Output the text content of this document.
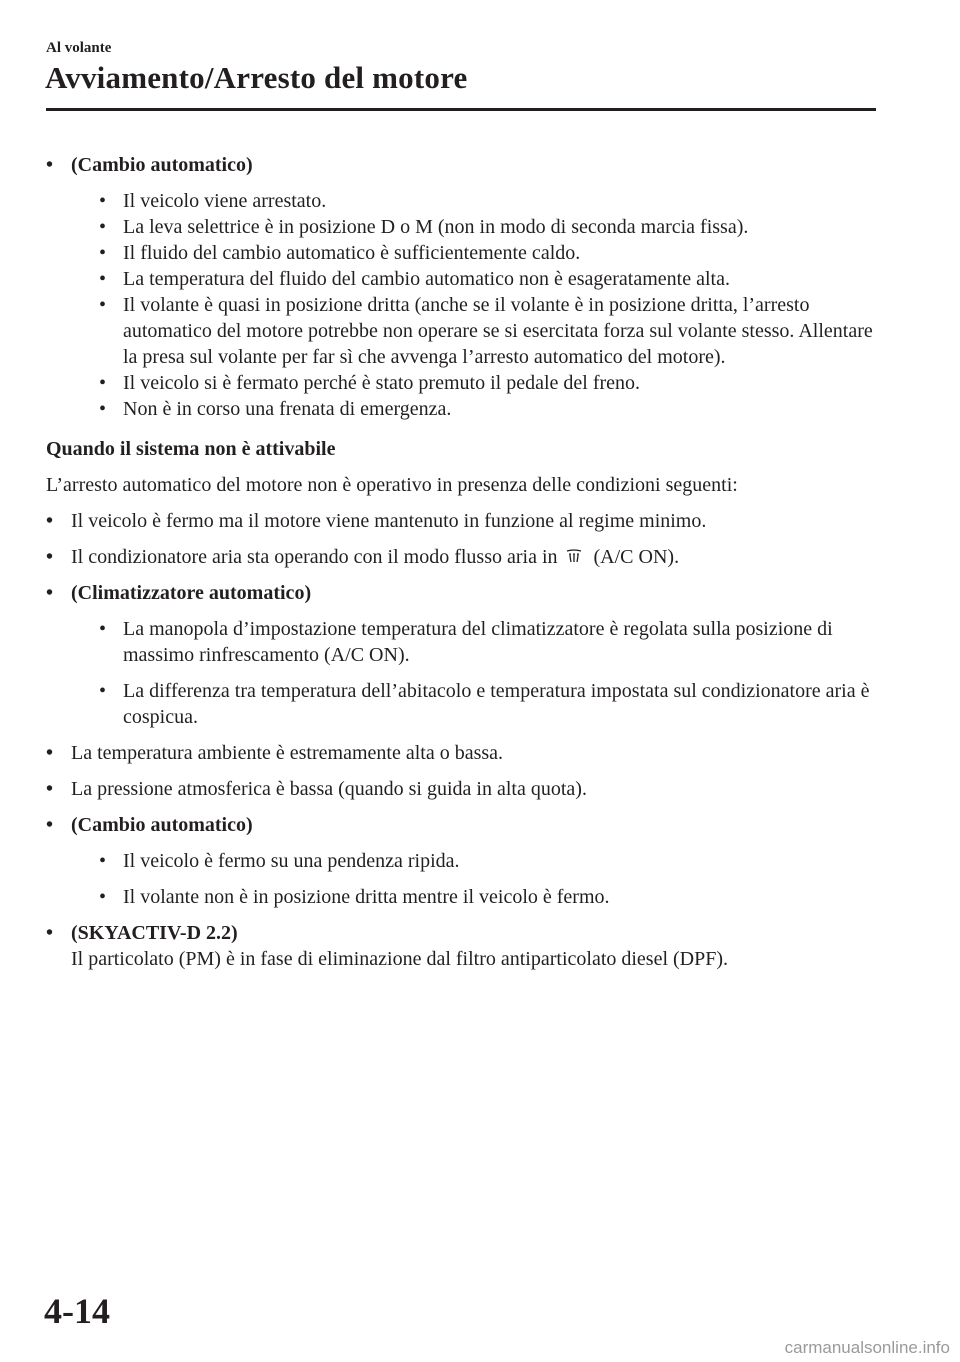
Al volante
Avviamento/Arresto del motore
• (Cambio automatico)
• Il veicolo viene arrestato.
• La leva selettrice è in posizione D o M (non in modo di seconda marcia fissa).
• Il fluido del cambio automatico è sufficientemente caldo.
• La temperatura del fluido del cambio automatico non è esageratamente alta.
• Il volante è quasi in posizione dritta (anche se il volante è in posizione dritta, l’arresto automatico del motore potrebbe non operare se si esercitata forza sul volante stesso. Allentare la presa sul volante per far sì che avvenga l’arresto automatico del motore).
• Il veicolo si è fermato perché è stato premuto il pedale del freno.
• Non è in corso una frenata di emergenza.
Quando il sistema non è attivabile
L’arresto automatico del motore non è operativo in presenza delle condizioni seguenti:
• Il veicolo è fermo ma il motore viene mantenuto in funzione al regime minimo.
• Il condizionatore aria sta operando con il modo flusso aria in (A/C ON).
• (Climatizzatore automatico)
• La manopola d’impostazione temperatura del climatizzatore è regolata sulla posizione di massimo rinfrescamento (A/C ON).
• La differenza tra temperatura dell’abitacolo e temperatura impostata sul condizionatore aria è cospicua.
• La temperatura ambiente è estremamente alta o bassa.
• La pressione atmosferica è bassa (quando si guida in alta quota).
• (Cambio automatico)
• Il veicolo è fermo su una pendenza ripida.
• Il volante non è in posizione dritta mentre il veicolo è fermo.
• (SKYACTIV-D 2.2)
Il particolato (PM) è in fase di eliminazione dal filtro antiparticolato diesel (DPF).
4-14
carmanualsonline.info
